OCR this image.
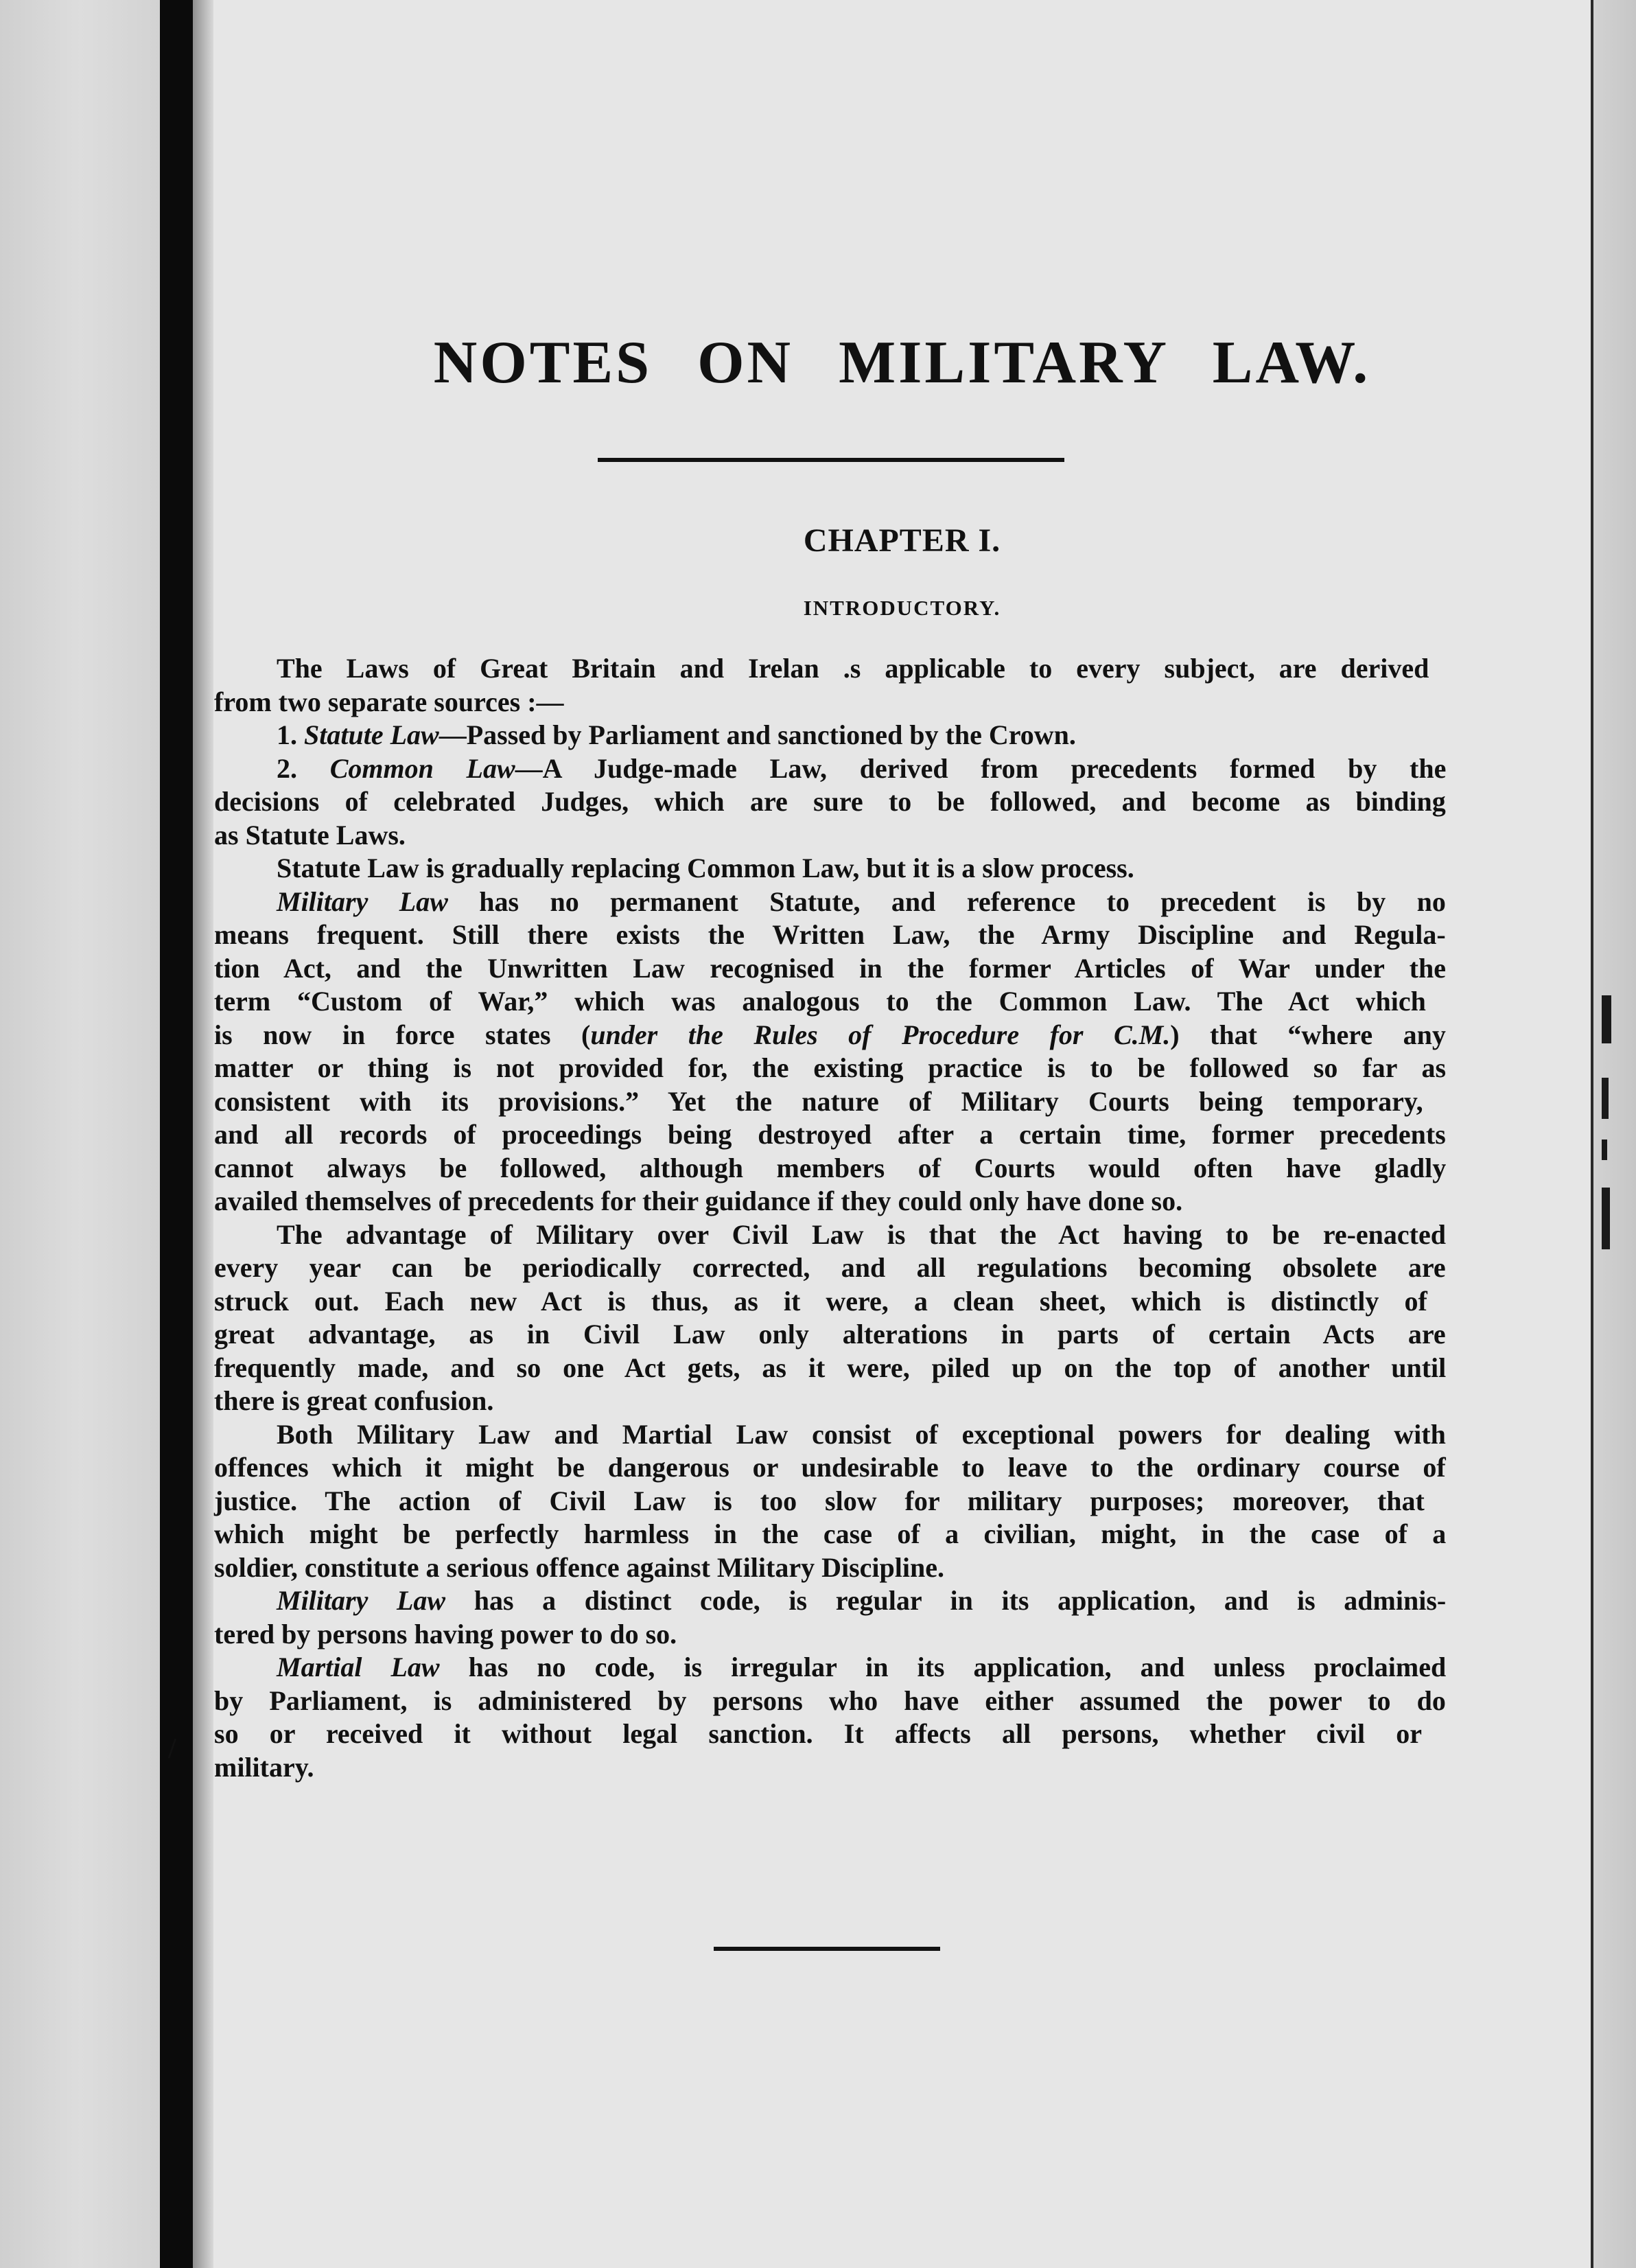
NOTES ON MILITARY LAW.
CHAPTER I.
INTRODUCTORY.
The Laws of Great Britain and Irelan .s applicable to every subject, are derived
from two separate sources :—
1. Statute Law—Passed by Parliament and sanctioned by the Crown.
2. Common Law—A Judge-made Law, derived from precedents formed by the
decisions of celebrated Judges, which are sure to be followed, and become as binding
as Statute Laws.
Statute Law is gradually replacing Common Law, but it is a slow process.
Military Law has no permanent Statute, and reference to precedent is by no
means frequent. Still there exists the Written Law, the Army Discipline and Regula-
tion Act, and the Unwritten Law recognised in the former Articles of War under the
term “Custom of War,” which was analogous to the Common Law. The Act which
is now in force states (under the Rules of Procedure for C.M.) that “where any
matter or thing is not provided for, the existing practice is to be followed so far as
consistent with its provisions.” Yet the nature of Military Courts being temporary,
and all records of proceedings being destroyed after a certain time, former precedents
cannot always be followed, although members of Courts would often have gladly
availed themselves of precedents for their guidance if they could only have done so.
The advantage of Military over Civil Law is that the Act having to be re-enacted
every year can be periodically corrected, and all regulations becoming obsolete are
struck out. Each new Act is thus, as it were, a clean sheet, which is distinctly of
great advantage, as in Civil Law only alterations in parts of certain Acts are
frequently made, and so one Act gets, as it were, piled up on the top of another until
there is great confusion.
Both Military Law and Martial Law consist of exceptional powers for dealing with
offences which it might be dangerous or undesirable to leave to the ordinary course of
justice. The action of Civil Law is too slow for military purposes; moreover, that
which might be perfectly harmless in the case of a civilian, might, in the case of a
soldier, constitute a serious offence against Military Discipline.
Military Law has a distinct code, is regular in its application, and is adminis-
tered by persons having power to do so.
Martial Law has no code, is irregular in its application, and unless proclaimed
by Parliament, is administered by persons who have either assumed the power to do
so or received it without legal sanction. It affects all persons, whether civil or
military.
/
